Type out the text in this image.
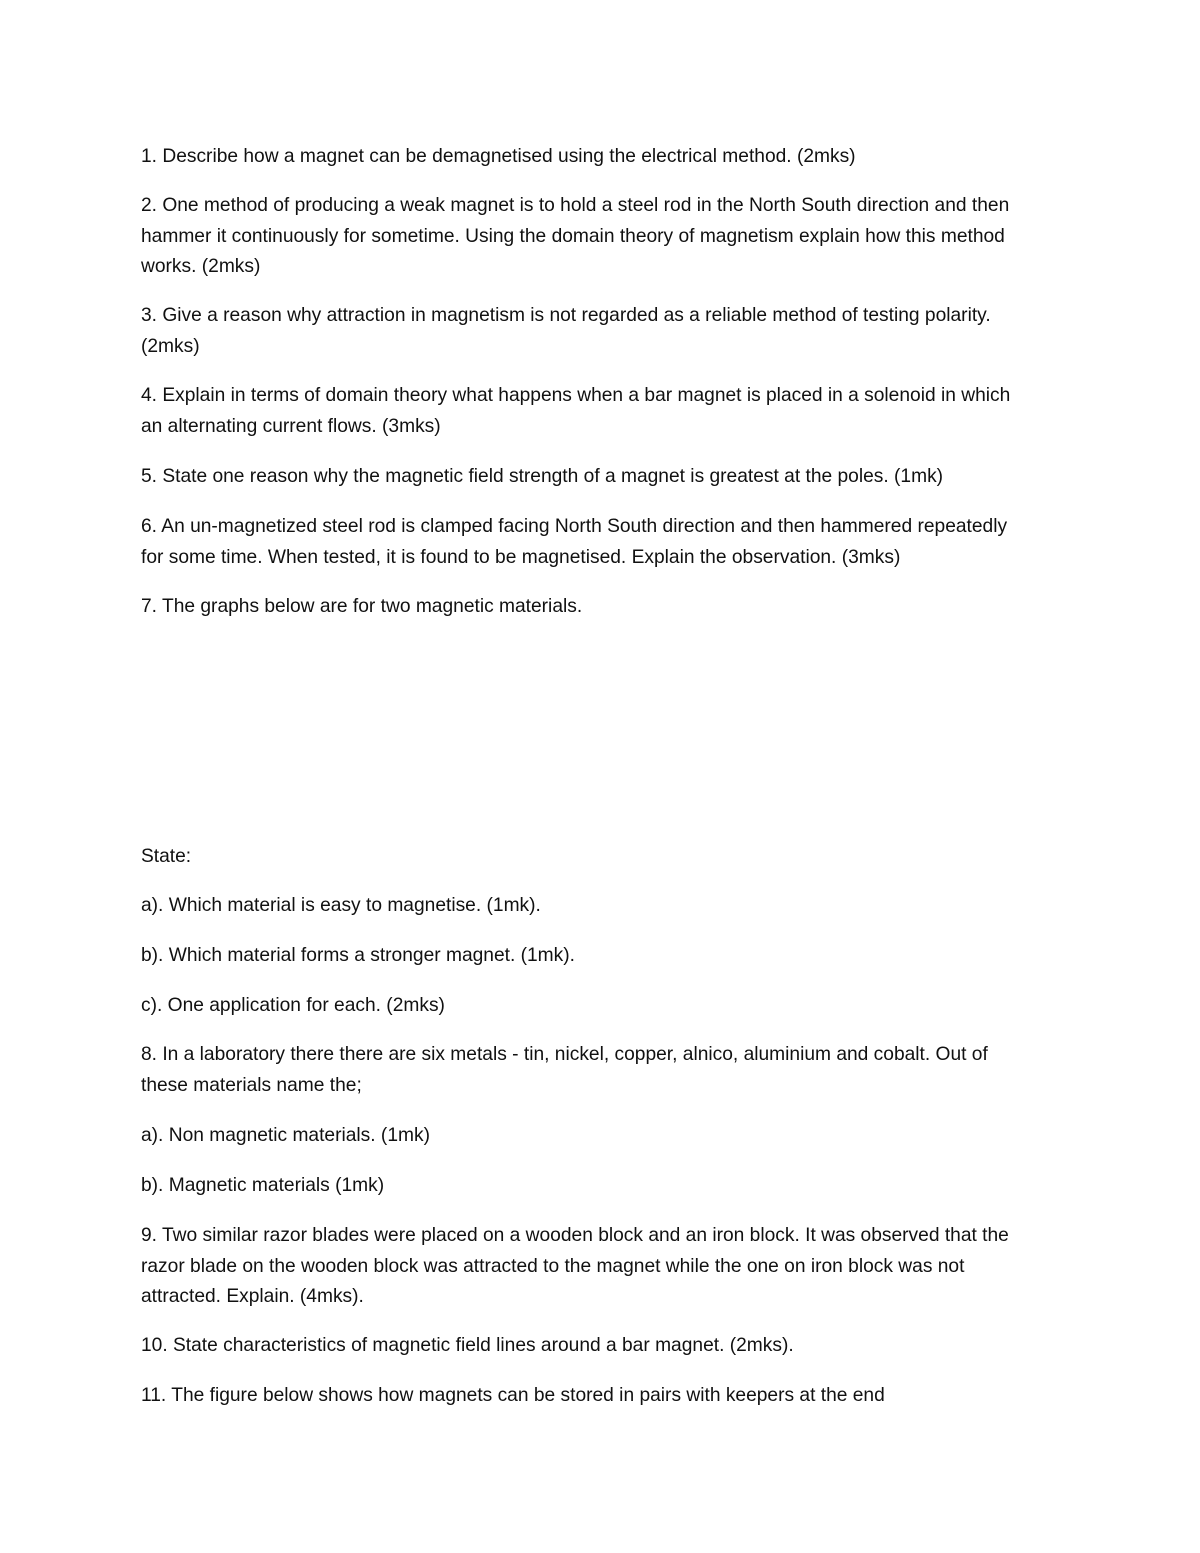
1. Describe how a magnet can be demagnetised using the electrical method. (2mks)

2. One method of producing a weak magnet is to hold a steel rod in the North South direction and then
hammer it continuously for sometime. Using the domain theory of magnetism explain how this method
works. (2mks)

3. Give a reason why attraction in magnetism is not regarded as a reliable method of testing polarity.
(2mks)

4. Explain in terms of domain theory what happens when a bar magnet is placed in a solenoid in which
an alternating current flows. (3mks)

5. State one reason why the magnetic field strength of a magnet is greatest at the poles. (1mk)

6. An un-magnetized steel rod is clamped facing North South direction and then hammered repeatedly
for some time. When tested, it is found to be magnetised. Explain the observation. (3mks)

7. The graphs below are for two magnetic materials.

State:

a). Which material is easy to magnetise. (1mk).

b). Which material forms a stronger magnet. (1mk).

c). One application for each. (2mks)

8. In a laboratory there there are six metals - tin, nickel, copper, alnico, aluminium and cobalt. Out of
these materials name the;

a). Non magnetic materials. (1mk)

b). Magnetic materials (1mk)

9. Two similar razor blades were placed on a wooden block and an iron block. It was observed that the
razor blade on the wooden block was attracted to the magnet while the one on iron block was not
attracted. Explain. (4mks).

10. State characteristics of magnetic field lines around a bar magnet. (2mks).

11. The figure below shows how magnets can be stored in pairs with keepers at the end
